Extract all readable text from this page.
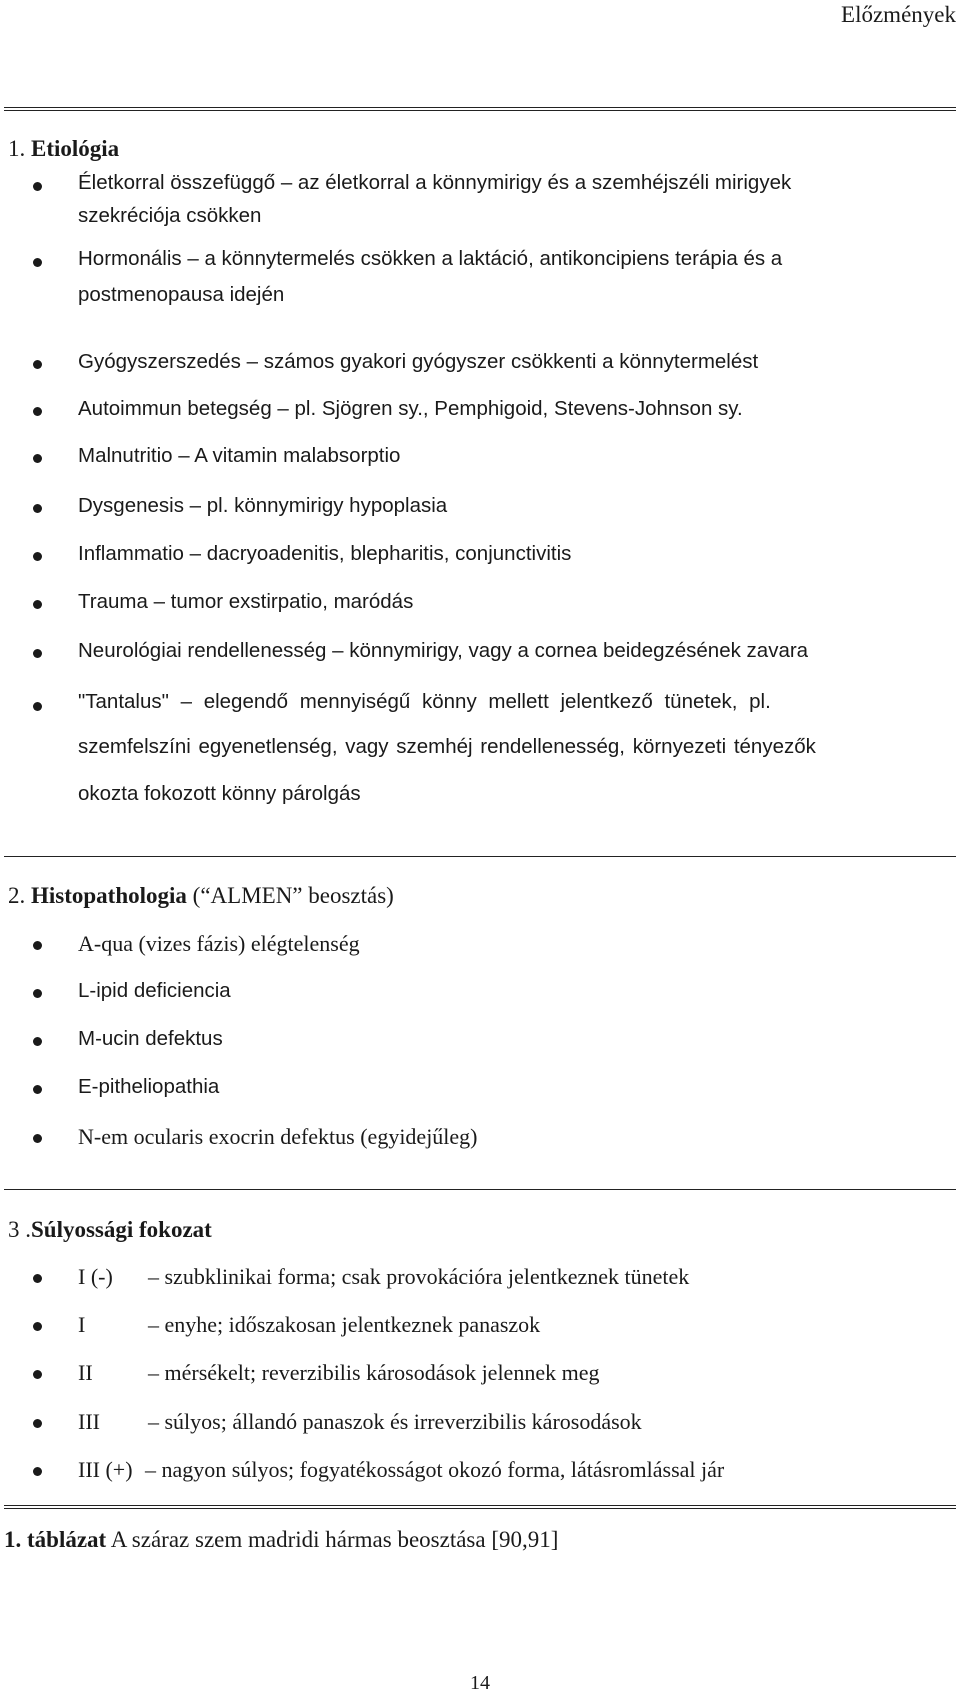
Előzmények
1. Etiológia
Életkorral összefüggő – az életkorral a könnymirigy és a szemhéjszéli mirigyek
szekréciója csökken
Hormonális – a könnytermelés csökken a laktáció, antikoncipiens terápia és a
postmenopausa idején
Gyógyszerszedés – számos gyakori gyógyszer csökkenti a könnytermelést
Autoimmun betegség – pl. Sjögren sy., Pemphigoid, Stevens-Johnson sy.
Malnutritio – A vitamin malabsorptio
Dysgenesis – pl. könnymirigy hypoplasia
Inflammatio – dacryoadenitis, blepharitis, conjunctivitis
Trauma – tumor exstirpatio, maródás
Neurológiai rendellenesség – könnymirigy, vagy a cornea beidegzésének zavara
"Tantalus" – elegendő mennyiségű könny mellett jelentkező tünetek, pl.
szemfelszíni egyenetlenség, vagy szemhéj rendellenesség, környezeti tényezők
okozta fokozott könny párolgás
2. Histopathologia (“ALMEN” beosztás)
A-qua (vizes fázis) elégtelenség
L-ipid deficiencia
M-ucin defektus
E-pitheliopathia
N-em ocularis exocrin defektus (egyidejűleg)
3 .Súlyossági fokozat
I (-) – szubklinikai forma; csak provokációra jelentkeznek tünetek
I	– enyhe; időszakosan jelentkeznek panaszok
II	– mérsékelt; reverzibilis károsodások jelennek meg
III – súlyos; állandó panaszok és irreverzibilis károsodások
III (+) – nagyon súlyos; fogyatékosságot okozó forma, látásromlással jár
1. táblázat A száraz szem madridi hármas beosztása [90,91]
14
